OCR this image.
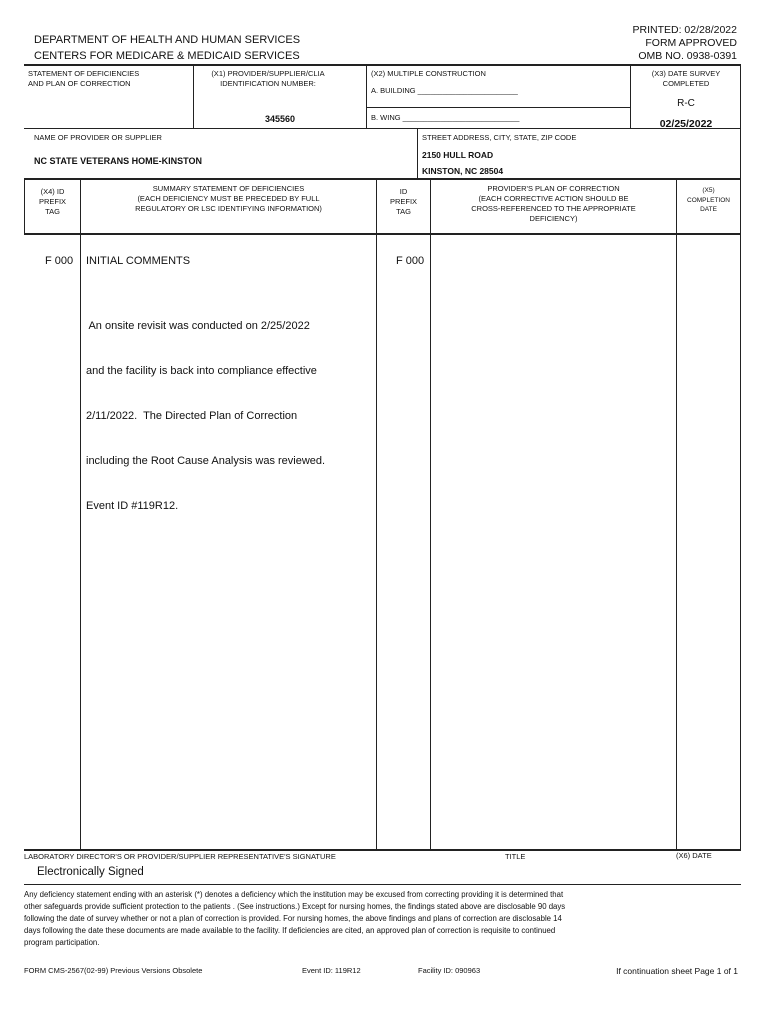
DEPARTMENT OF HEALTH AND HUMAN SERVICES
CENTERS FOR MEDICARE & MEDICAID SERVICES
PRINTED: 02/28/2022
FORM APPROVED
OMB NO. 0938-0391
STATEMENT OF DEFICIENCIES
AND PLAN OF CORRECTION
(X1) PROVIDER/SUPPLIER/CLIA
IDENTIFICATION NUMBER:
345560
(X2) MULTIPLE CONSTRUCTION
A. BUILDING ________________________
B. WING ____________________________
(X3) DATE SURVEY
COMPLETED
R-C
02/25/2022
NAME OF PROVIDER OR SUPPLIER
NC STATE VETERANS HOME-KINSTON
STREET ADDRESS, CITY, STATE, ZIP CODE
2150 HULL ROAD
KINSTON, NC 28504
(X4) ID
PREFIX
TAG
SUMMARY STATEMENT OF DEFICIENCIES
(EACH DEFICIENCY MUST BE PRECEDED BY FULL
REGULATORY OR LSC IDENTIFYING INFORMATION)
ID
PREFIX
TAG
PROVIDER'S PLAN OF CORRECTION
(EACH CORRECTIVE ACTION SHOULD BE
CROSS-REFERENCED TO THE APPROPRIATE
DEFICIENCY)
(X5)
COMPLETION
DATE
F 000 INITIAL COMMENTS	F 000

An onsite revisit was conducted on 2/25/2022

and the facility is back into compliance effective

2/11/2022.  The Directed Plan of Correction

including the Root Cause Analysis was reviewed.

Event ID #119R12.

LABORATORY DIRECTOR'S OR PROVIDER/SUPPLIER REPRESENTATIVE'S SIGNATURE	TITLE	(X6) DATE
Electronically Signed
Any deficiency statement ending with an asterisk (*) denotes a deficiency which the institution may be excused from correcting providing it is determined that
other safeguards provide sufficient protection to the patients . (See instructions.) Except for nursing homes, the findings stated above are disclosable 90 days
following the date of survey whether or not a plan of correction is provided. For nursing homes, the above findings and plans of correction are disclosable 14
days following the date these documents are made available to the facility. If deficiencies are cited, an approved plan of correction is requisite to continued
program participation.
FORM CMS-2567(02-99) Previous Versions Obsolete	Event ID: 119R12	Facility ID: 090963	If continuation sheet Page 1 of 1
